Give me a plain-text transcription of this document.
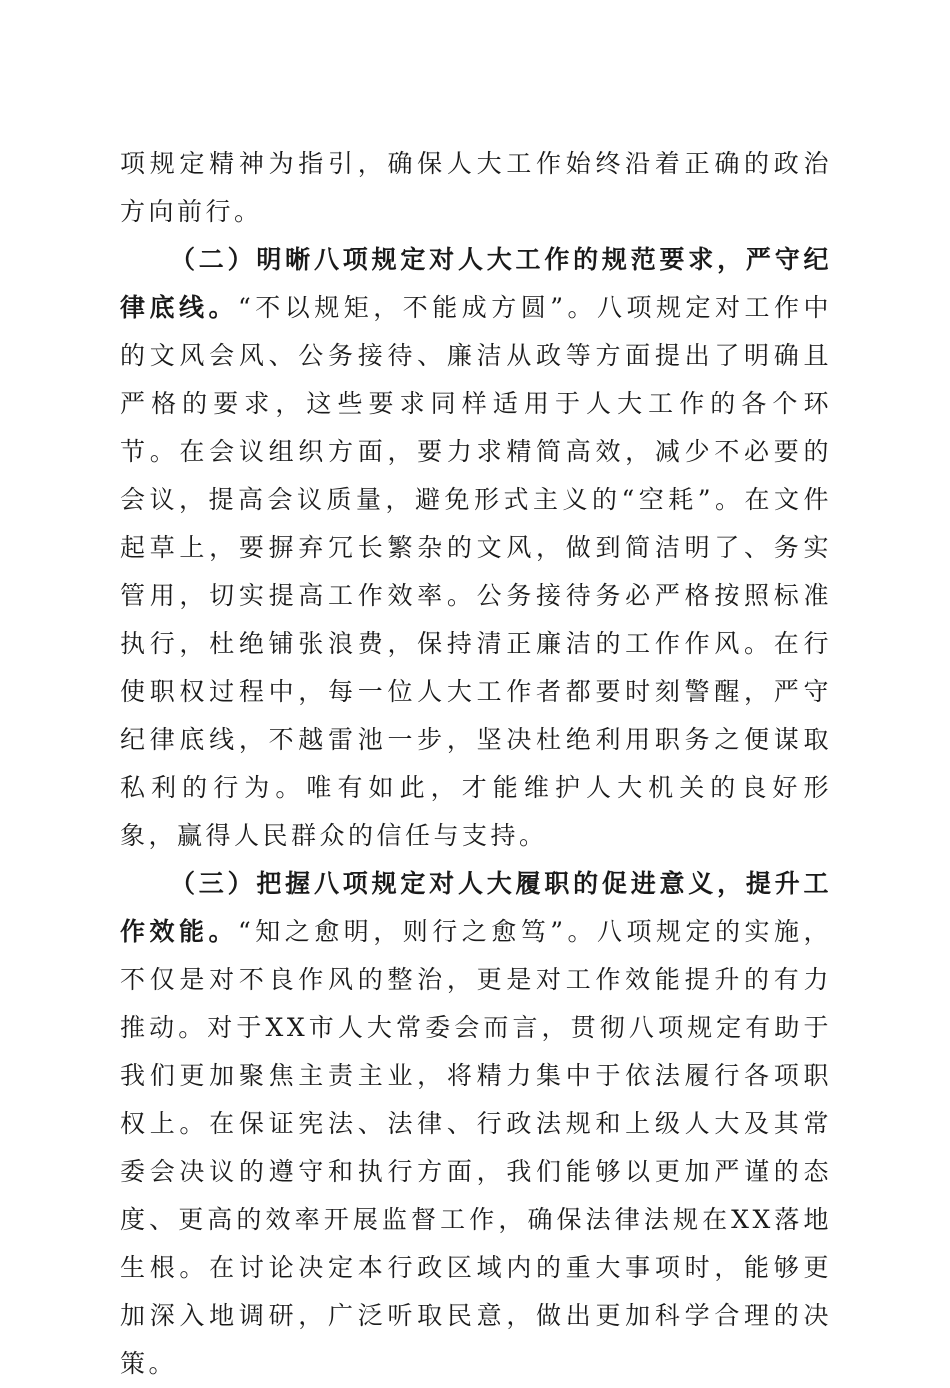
项规定精神为指引，确保人大工作始终沿着正确的政治方向前行。

（二）明晰八项规定对人大工作的规范要求，严守纪律底线。“不以规矩，不能成方圆”。八项规定对工作中的文风会风、公务接待、廉洁从政等方面提出了明确且严格的要求，这些要求同样适用于人大工作的各个环节。在会议组织方面，要力求精简高效，减少不必要的会议，提高会议质量，避免形式主义的“空耗”。在文件起草上，要摒弃冗长繁杂的文风，做到简洁明了、务实管用，切实提高工作效率。公务接待务必严格按照标准执行，杜绝铺张浪费，保持清正廉洁的工作作风。在行使职权过程中，每一位人大工作者都要时刻警醒，严守纪律底线，不越雷池一步，坚决杜绝利用职务之便谋取私利的行为。唯有如此，才能维护人大机关的良好形象，赢得人民群众的信任与支持。

（三）把握八项规定对人大履职的促进意义，提升工作效能。“知之愈明，则行之愈笃”。八项规定的实施，不仅是对不良作风的整治，更是对工作效能提升的有力推动。对于XX市人大常委会而言，贯彻八项规定有助于我们更加聚焦主责主业，将精力集中于依法履行各项职权上。在保证宪法、法律、行政法规和上级人大及其常委会决议的遵守和执行方面，我们能够以更加严谨的态度、更高的效率开展监督工作，确保法律法规在XX落地生根。在讨论决定本行政区域内的重大事项时，能够更加深入地调研，广泛听取民意，做出更加科学合理的决策。
